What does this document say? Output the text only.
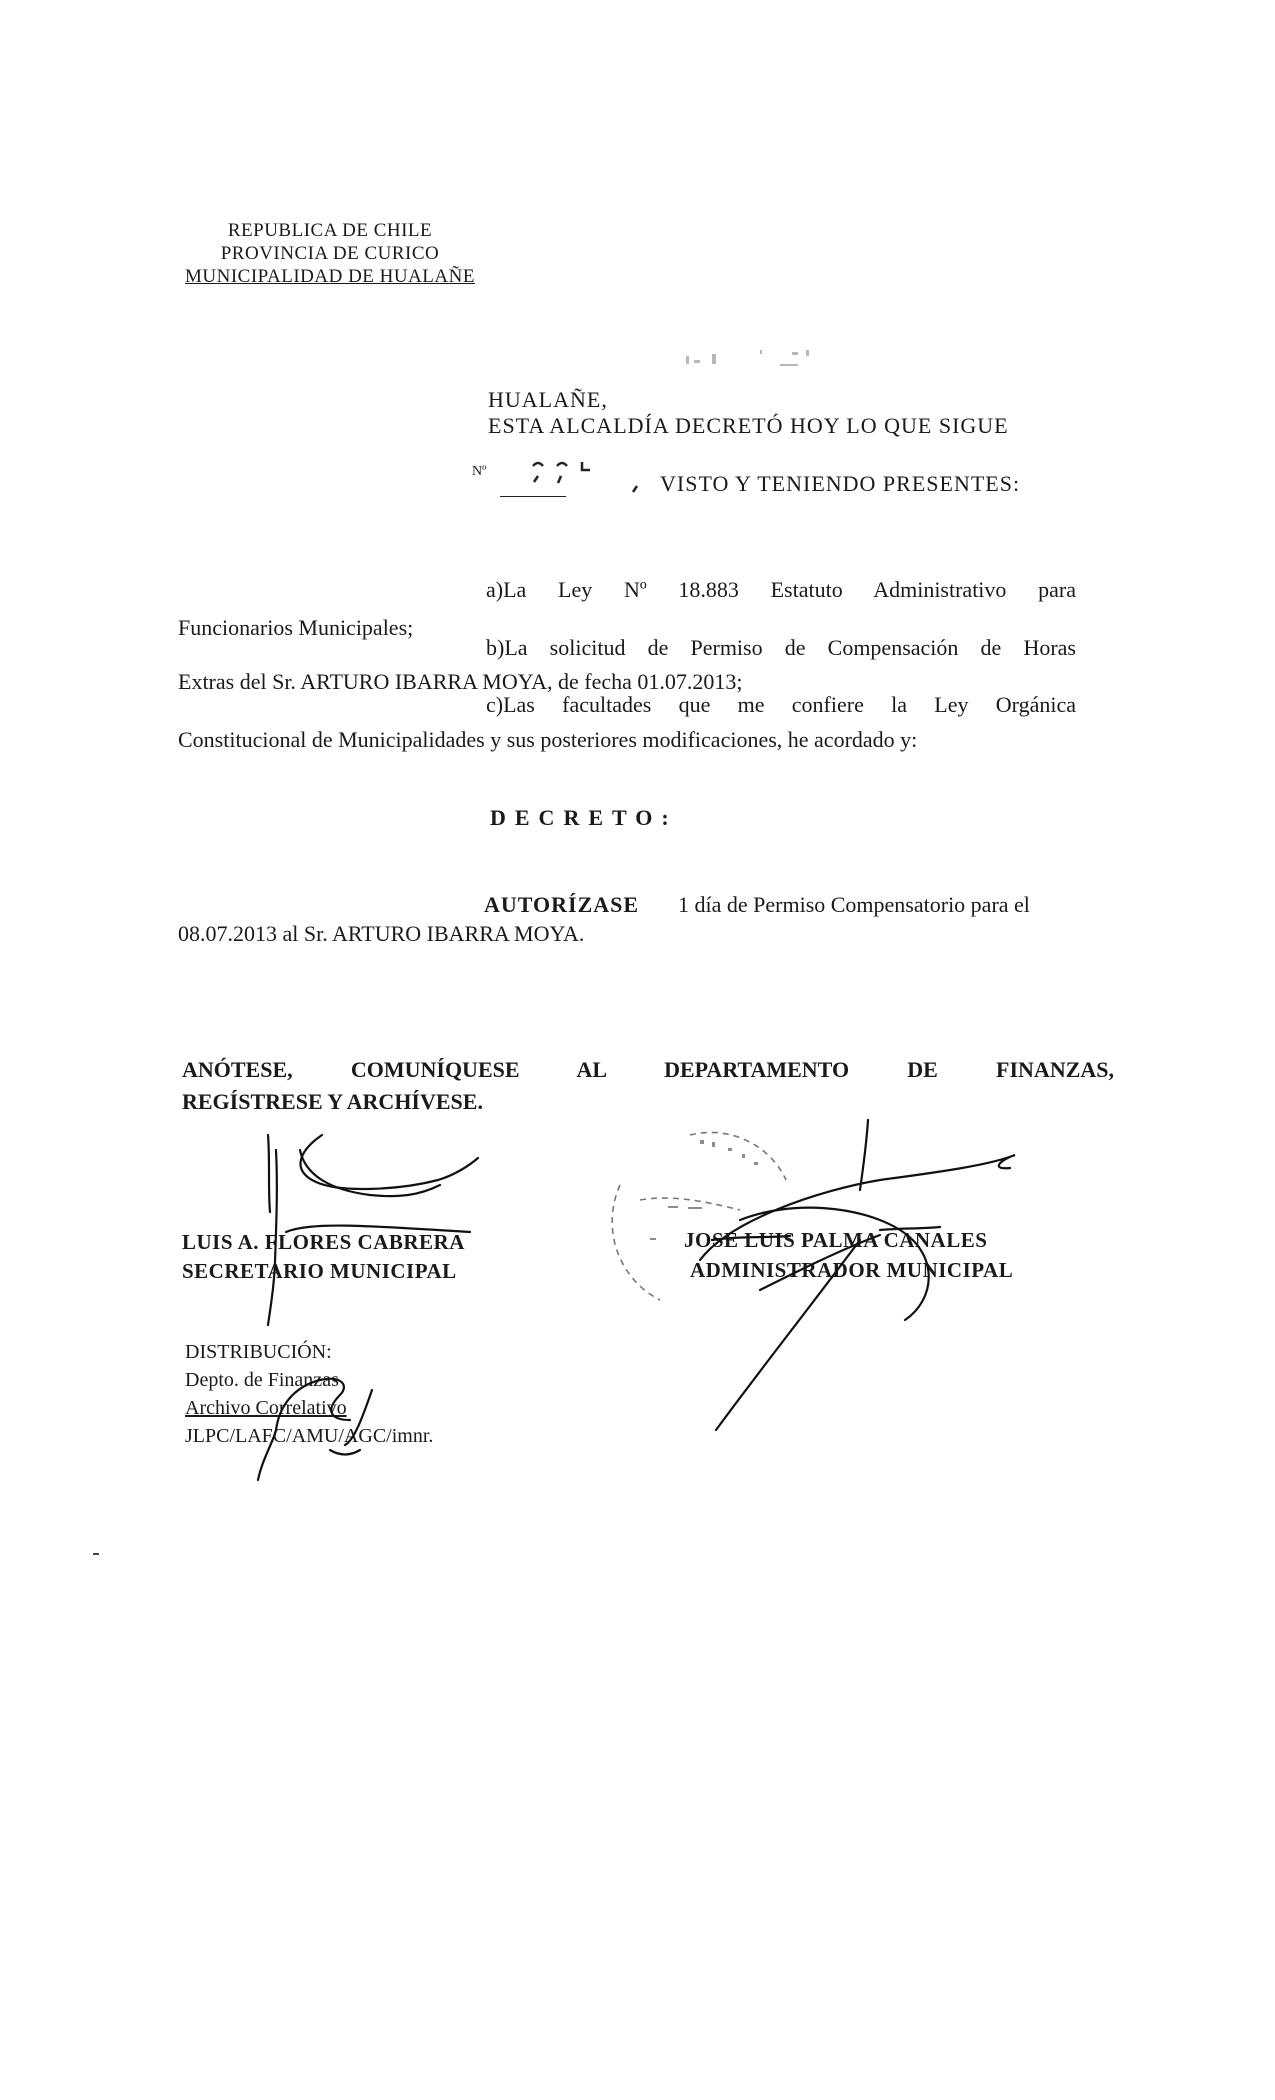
REPUBLICA DE CHILE
PROVINCIA DE CURICO
MUNICIPALIDAD DE HUALAÑE
HUALAÑE,
ESTA ALCALDÍA DECRETÓ HOY LO QUE SIGUE
Nº	VISTO Y TENIENDO PRESENTES:
a)La Ley Nº 18.883 Estatuto Administrativo para
Funcionarios Municipales;
b)La solicitud de Permiso de Compensación de Horas
Extras del Sr. ARTURO IBARRA MOYA, de fecha 01.07.2013;
c)Las facultades que me confiere la Ley Orgánica
Constitucional de Municipalidades y sus posteriores modificaciones, he acordado y:
DECRETO:
AUTORÍZASE 1 día de Permiso Compensatorio para el
08.07.2013 al Sr. ARTURO IBARRA MOYA.
ANÓTESE, COMUNÍQUESE AL DEPARTAMENTO DE FINANZAS,
REGÍSTRESE Y ARCHÍVESE.
LUIS A. FLORES CABRERA
SECRETARIO MUNICIPAL
JOSE LUIS PALMA CANALES
ADMINISTRADOR MUNICIPAL
DISTRIBUCIÓN:
Depto. de Finanzas
Archivo Correlativo
JLPC/LAFC/AMU/AGC/imnr.
